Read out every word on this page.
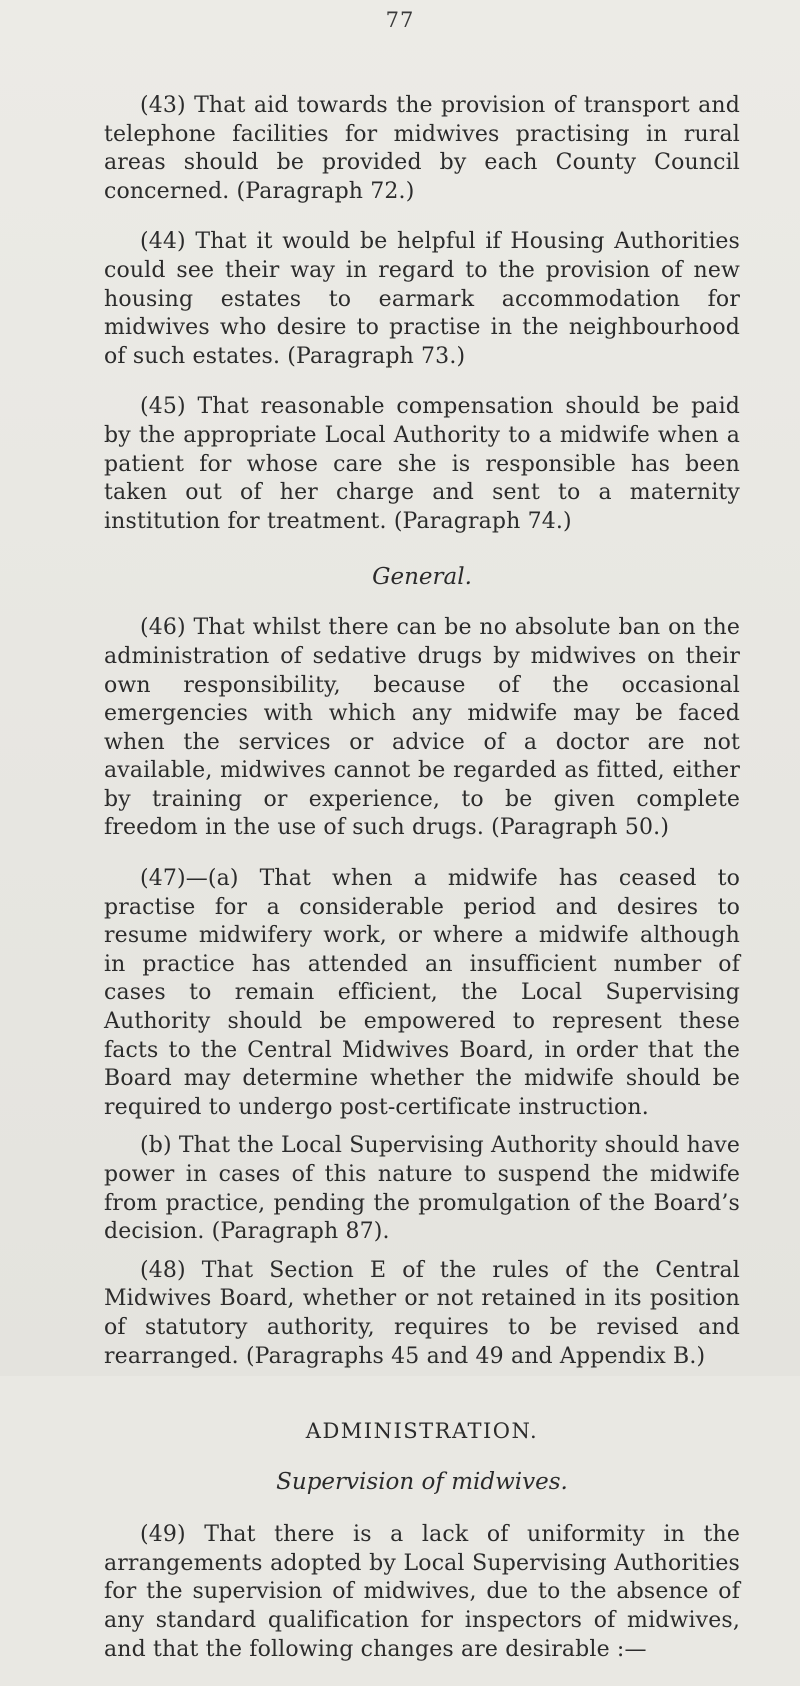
77

(43) That aid towards the provision of transport and telephone facilities for midwives practising in rural areas should be provided by each County Council concerned. (Paragraph 72.)

(44) That it would be helpful if Housing Authorities could see their way in regard to the provision of new housing estates to earmark accommodation for midwives who desire to practise in the neighbourhood of such estates. (Paragraph 73.)

(45) That reasonable compensation should be paid by the appropriate Local Authority to a midwife when a patient for whose care she is responsible has been taken out of her charge and sent to a maternity institution for treatment. (Paragraph 74.)

General.

(46) That whilst there can be no absolute ban on the administration of sedative drugs by midwives on their own responsibility, because of the occasional emergencies with which any midwife may be faced when the services or advice of a doctor are not available, midwives cannot be regarded as fitted, either by training or experience, to be given complete freedom in the use of such drugs. (Paragraph 50.)

(47)—(a) That when a midwife has ceased to practise for a considerable period and desires to resume midwifery work, or where a midwife although in practice has attended an insufficient number of cases to remain efficient, the Local Supervising Authority should be empowered to represent these facts to the Central Midwives Board, in order that the Board may determine whether the midwife should be required to undergo post-certificate instruction.

(b) That the Local Supervising Authority should have power in cases of this nature to suspend the midwife from practice, pending the promulgation of the Board’s decision. (Paragraph 87).

(48) That Section E of the rules of the Central Midwives Board, whether or not retained in its position of statutory authority, requires to be revised and rearranged. (Paragraphs 45 and 49 and Appendix B.)

ADMINISTRATION.
Supervision of midwives.

(49) That there is a lack of uniformity in the arrangements adopted by Local Supervising Authorities for the supervision of midwives, due to the absence of any standard qualification for inspectors of midwives, and that the following changes are desirable :—
